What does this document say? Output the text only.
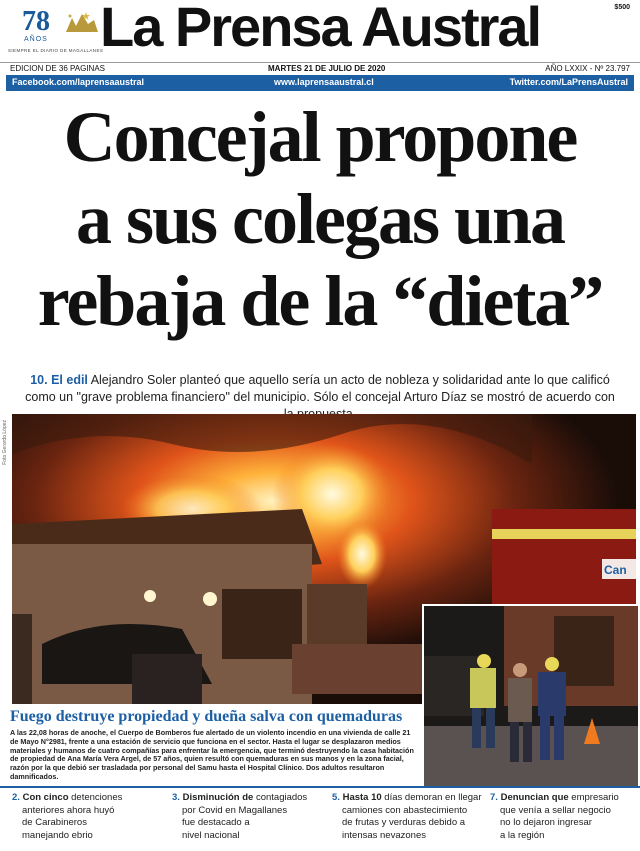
78
AÑOS
SIEMPRE EL DIARIO DE MAGALLANES
La Prensa Austral	$500
EDICION DE 36 PAGINAS	MARTES 21 DE JULIO DE 2020	AÑO LXXIX - Nº 23.797
Facebook.com/laprensaaustral	www.laprensaaustral.cl	Twitter.com/LaPrensAustral
Concejal propone
a sus colegas una
rebaja de la “dieta”
10. El edil Alejandro Soler planteó que aquello sería un acto de nobleza y solidaridad ante lo que calificó como un "grave problema financiero" del municipio. Sólo el concejal Arturo Díaz se mostró de acuerdo con
Foto Gerardo López
Can
Fuego destruye propiedad y dueña salva con quemaduras
A las 22,08 horas de anoche, el Cuerpo de Bomberos fue alertado de un violento incendio en una vivienda de calle 21 de Mayo N°2981, frente a una estación de servicio que funciona en el sector. Hasta el lugar se desplazaron medios materiales y humanos de cuatro compañías para enfrentar la emergencia, que terminó destruyendo la casa habitación de propiedad de Ana María Vera Argel, de 57 años, quien resultó con quemaduras en sus manos y en la zona facial, razón por la que debió ser trasladada por personal del Samu hasta el Hospital Clínico. Dos adultos resultaron damnificados.
2. Con cinco detenciones
anteriores ahora huyó
de Carabineros
manejando ebrio
3. Disminución de contagiados
por Covid en Magallanes
fue destacado a
nivel nacional
5. Hasta 10 días demoran en llegar
camiones con abastecimiento
de frutas y verduras debido a
intensas nevazones
7. Denuncian que empresario
que venía a sellar negocio
no lo dejaron ingresar
a la región
